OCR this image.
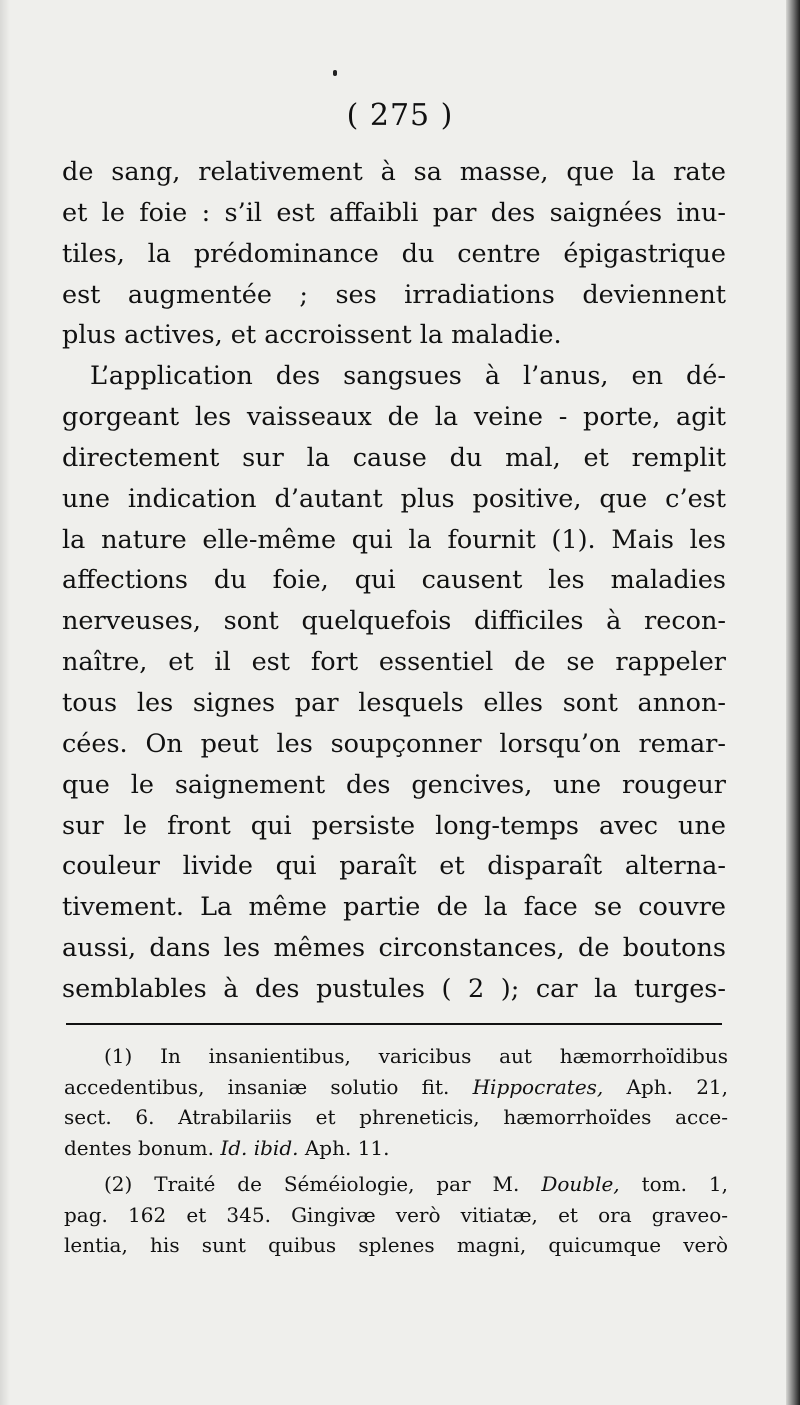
( 275 )
de sang, relativement à sa masse, que la rate
et le foie : s’il est affaibli par des saignées inu-
tiles, la prédominance du centre épigastrique
est augmentée ; ses irradiations deviennent
plus actives, et accroissent la maladie.
L’application des sangsues à l’anus, en dé-
gorgeant les vaisseaux de la veine - porte, agit
directement sur la cause du mal, et remplit
une indication d’autant plus positive, que c’est
la nature elle-même qui la fournit (1). Mais les
affections du foie, qui causent les maladies
nerveuses, sont quelquefois difficiles à recon-
naître, et il est fort essentiel de se rappeler
tous les signes par lesquels elles sont annon-
cées. On peut les soupçonner lorsqu’on remar-
que le saignement des gencives, une rougeur
sur le front qui persiste long-temps avec une
couleur livide qui paraît et disparaît alterna-
tivement. La même partie de la face se couvre
aussi, dans les mêmes circonstances, de boutons
semblables à des pustules ( 2 ); car la turges-
(1) In insanientibus, varicibus aut hæmorrhoïdibus
accedentibus, insaniæ solutio fit. Hippocrates, Aph. 21,
sect. 6. Atrabilariis et phreneticis, hæmorrhoïdes acce-
dentes bonum. Id. ibid. Aph. 11.
(2) Traité de Séméiologie, par M. Double, tom. 1,
pag. 162 et 345. Gingivæ verò vitiatæ, et ora graveo-
lentia, his sunt quibus splenes magni, quicumque verò
